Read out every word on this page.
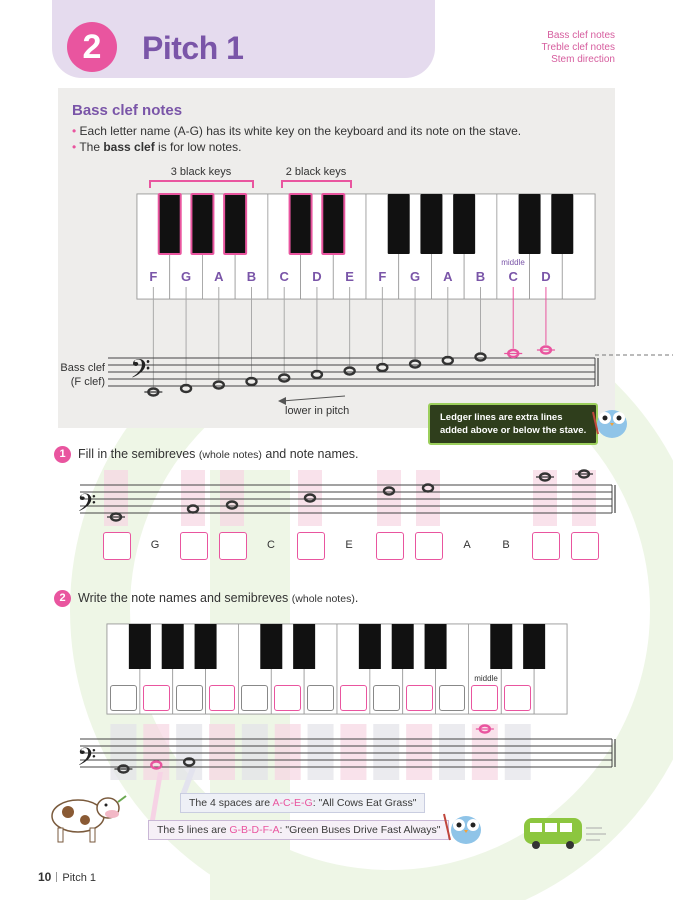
2	Pitch 1	Bass clef notes
Treble clef notes
Stem direction
Bass clef notes
• Each letter name (A-G) has its white key on the keyboard and its note on the stave.
• The bass clef is for low notes.
3 black keys	2 black keys
F G A B C D E F G A B C D
middle
𝄢
Bass clef
(F clef)
lower in pitch
Ledger lines are extra lines
added above or below the stave.
1 Fill in the semibreves (whole notes) and note names.
𝄢
G	C	E	A	B
2 Write the note names and semibreves (whole notes).
middle
𝄢
The 4 spaces are A-C-E-G: "All Cows Eat Grass"
The 5 lines are G-B-D-F-A: "Green Buses Drive Fast Always"
10 Pitch 1
